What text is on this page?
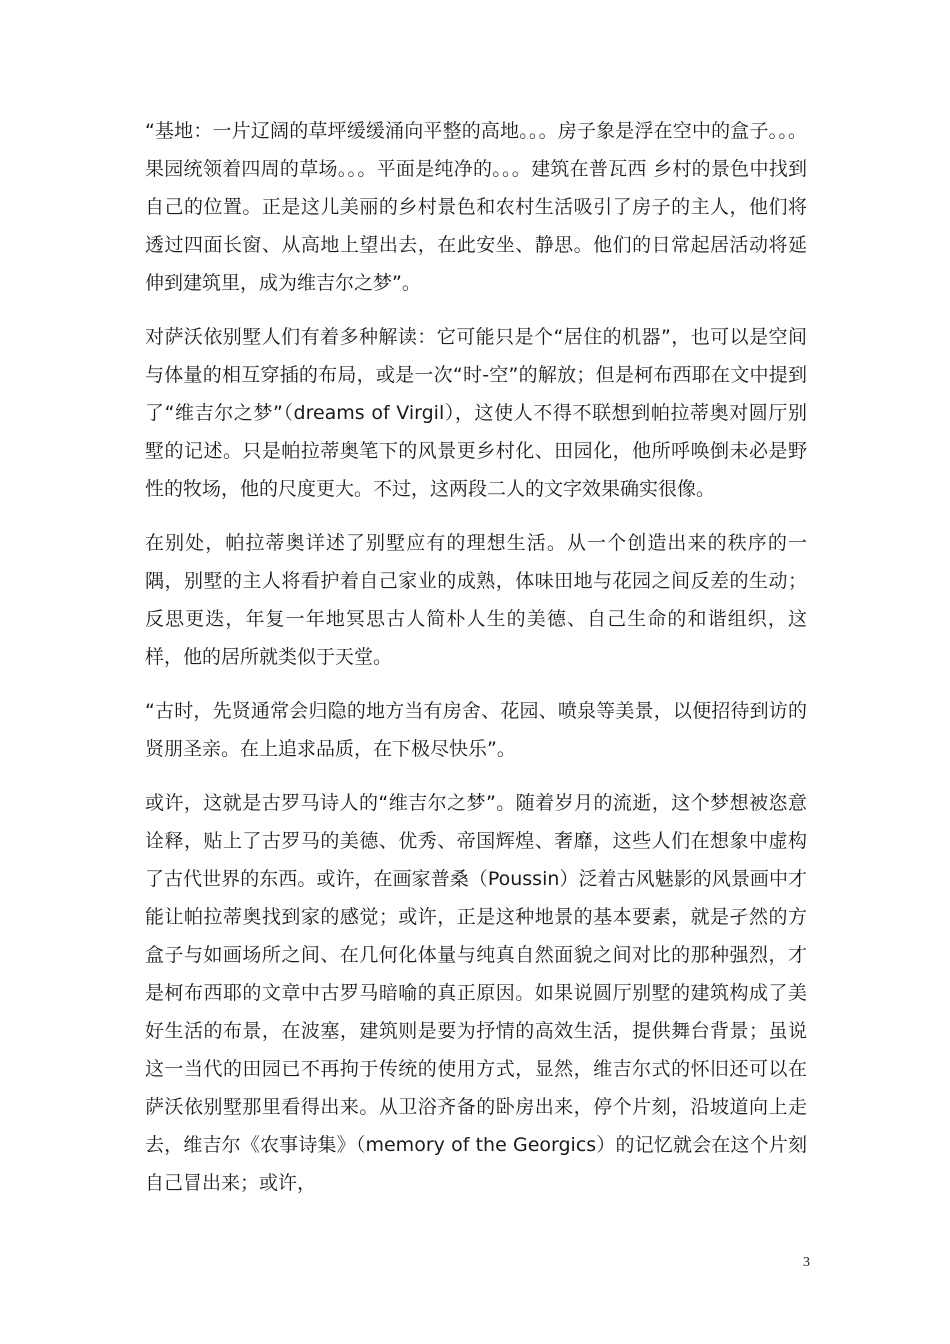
“基地：一片辽阔的草坪缓缓涌向平整的高地。。。房子象是浮在空中的盒子。。。果园统领着四周的草场。。。平面是纯净的。。。建筑在普瓦西 乡村的景色中找到自己的位置。正是这儿美丽的乡村景色和农村生活吸引了房子的主人，他们将透过四面长窗、从高地上望出去，在此安坐、静思。他们的日常起居活动将延伸到建筑里，成为维吉尔之梦”。

对萨沃依别墅人们有着多种解读：它可能只是个“居住的机器”，也可以是空间与体量的相互穿插的布局，或是一次“时-空”的解放；但是柯布西耶在文中提到了“维吉尔之梦”（dreams of Virgil），这使人不得不联想到帕拉蒂奥对圆厅别墅的记述。只是帕拉蒂奥笔下的风景更乡村化、田园化，他所呼唤倒未必是野性的牧场，他的尺度更大。不过，这两段二人的文字效果确实很像。

在别处，帕拉蒂奥详述了别墅应有的理想生活。从一个创造出来的秩序的一隅，别墅的主人将看护着自己家业的成熟，体味田地与花园之间反差的生动；反思更迭，年复一年地冥思古人简朴人生的美德、自己生命的和谐组织，这样，他的居所就类似于天堂。

“古时，先贤通常会归隐的地方当有房舍、花园、喷泉等美景，以便招待到访的贤朋圣亲。在上追求品质，在下极尽快乐”。

或许，这就是古罗马诗人的“维吉尔之梦”。随着岁月的流逝，这个梦想被恣意诠释，贴上了古罗马的美德、优秀、帝国辉煌、奢靡，这些人们在想象中虚构了古代世界的东西。或许，在画家普桑（Poussin）泛着古风魅影的风景画中才能让帕拉蒂奥找到家的感觉；或许，正是这种地景的基本要素，就是孑然的方盒子与如画场所之间、在几何化体量与纯真自然面貌之间对比的那种强烈，才是柯布西耶的文章中古罗马暗喻的真正原因。如果说圆厅别墅的建筑构成了美好生活的布景，在波塞，建筑则是要为抒情的高效生活，提供舞台背景；虽说这一当代的田园已不再拘于传统的使用方式，显然，维吉尔式的怀旧还可以在萨沃依别墅那里看得出来。从卫浴齐备的卧房出来，停个片刻，沿坡道向上走去，维吉尔《农事诗集》（memory of the Georgics）的记忆就会在这个片刻自己冒出来；或许，

3
